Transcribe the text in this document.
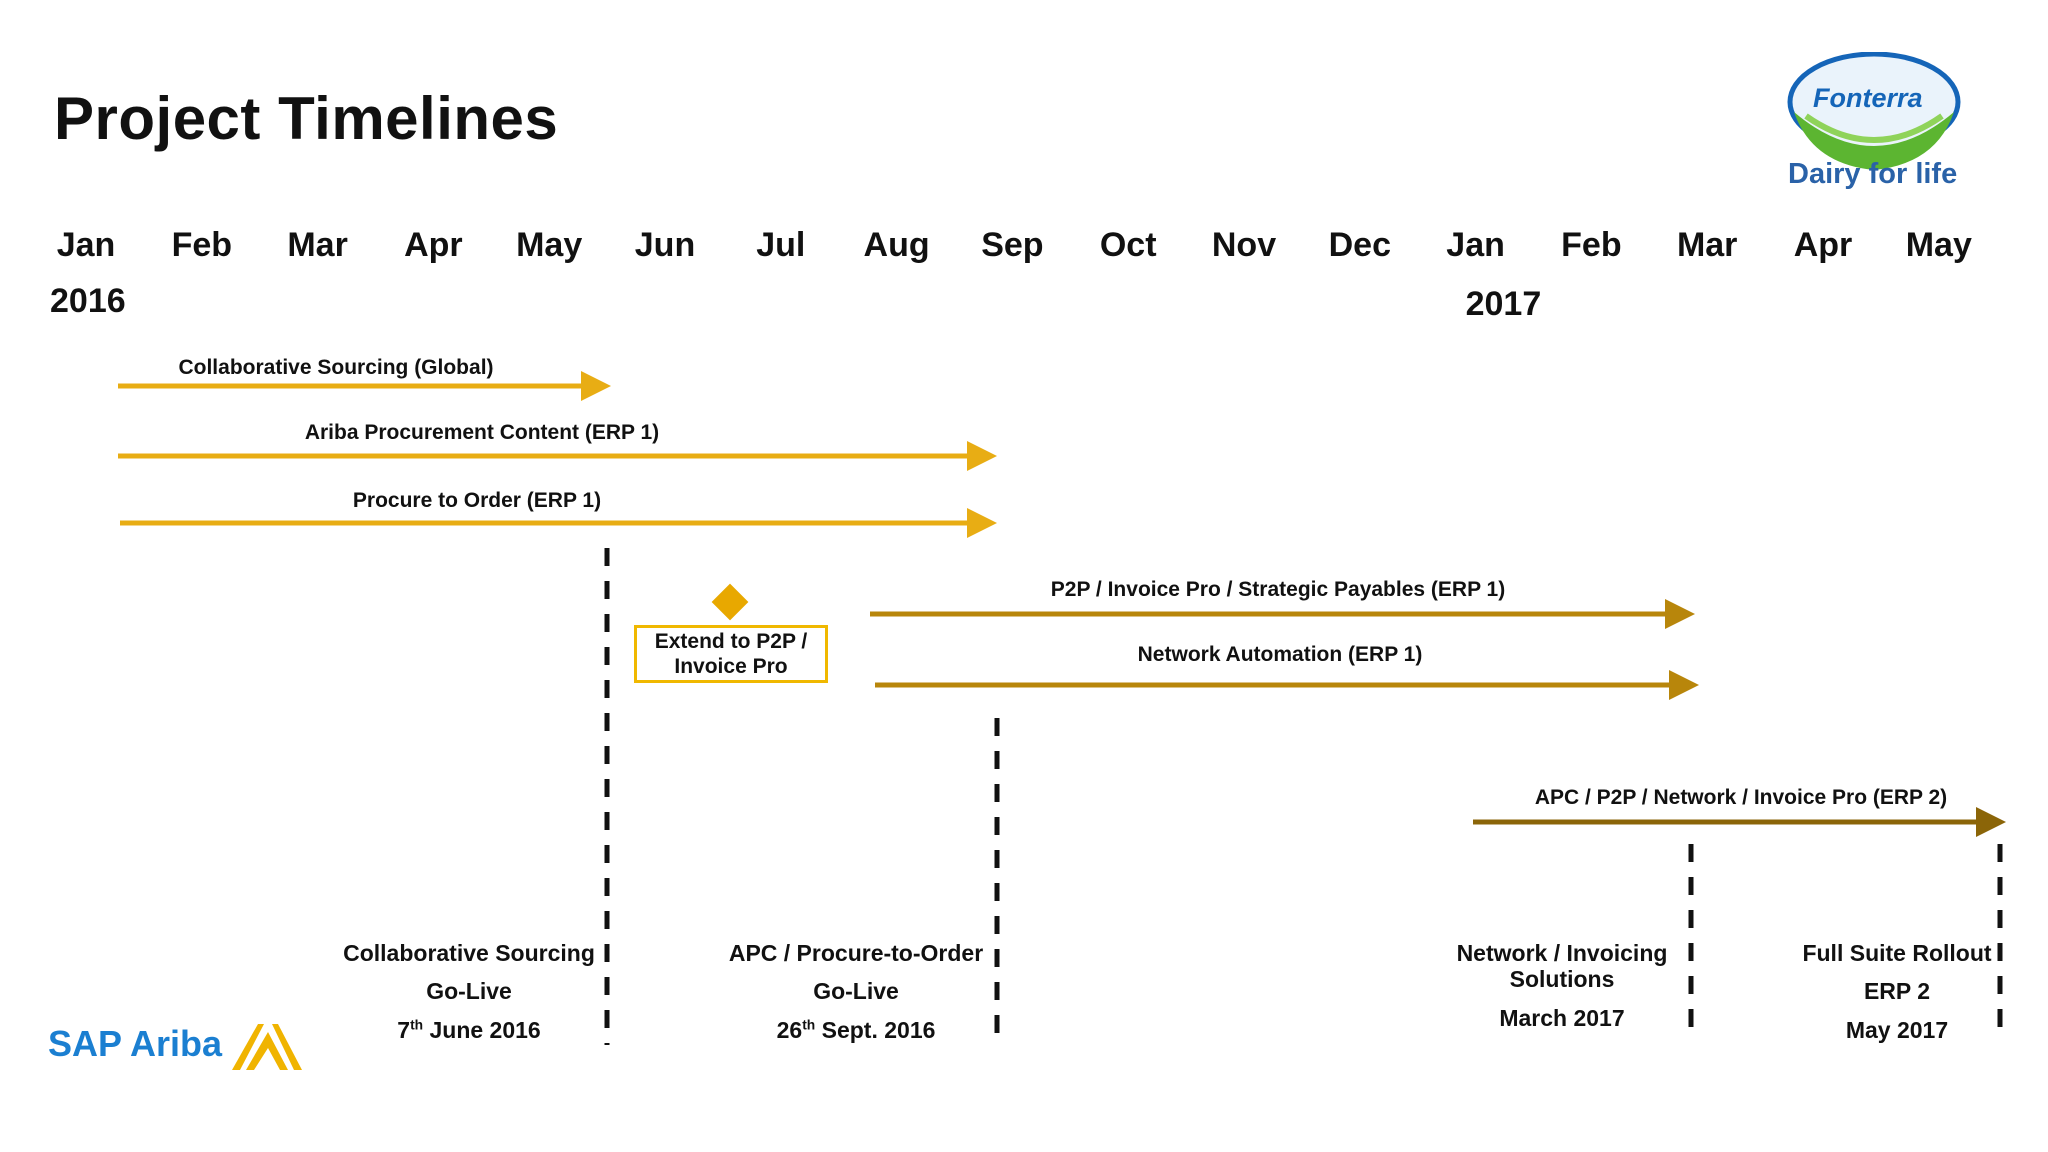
Project Timelines	Fonterra
Dairy for life
Jan	Feb	Mar	Apr	May	Jun	Jul	Aug	Sep	Oct	Nov	Dec	Jan	Feb	Mar	Apr	May
2016	2017
Collaborative Sourcing (Global)
Ariba Procurement Content (ERP 1)
Procure to Order (ERP 1)
P2P / Invoice Pro / Strategic Payables (ERP 1)
Network Automation (ERP 1)
APC / P2P / Network / Invoice Pro (ERP 2)
Extend to P2P / Invoice Pro
Collaborative Sourcing
Go-Live
7th June 2016
APC / Procure-to-Order
Go-Live
26th Sept. 2016
Network / Invoicing
Solutions
March 2017
Full Suite Rollout
ERP 2
May 2017
SAP Ariba
